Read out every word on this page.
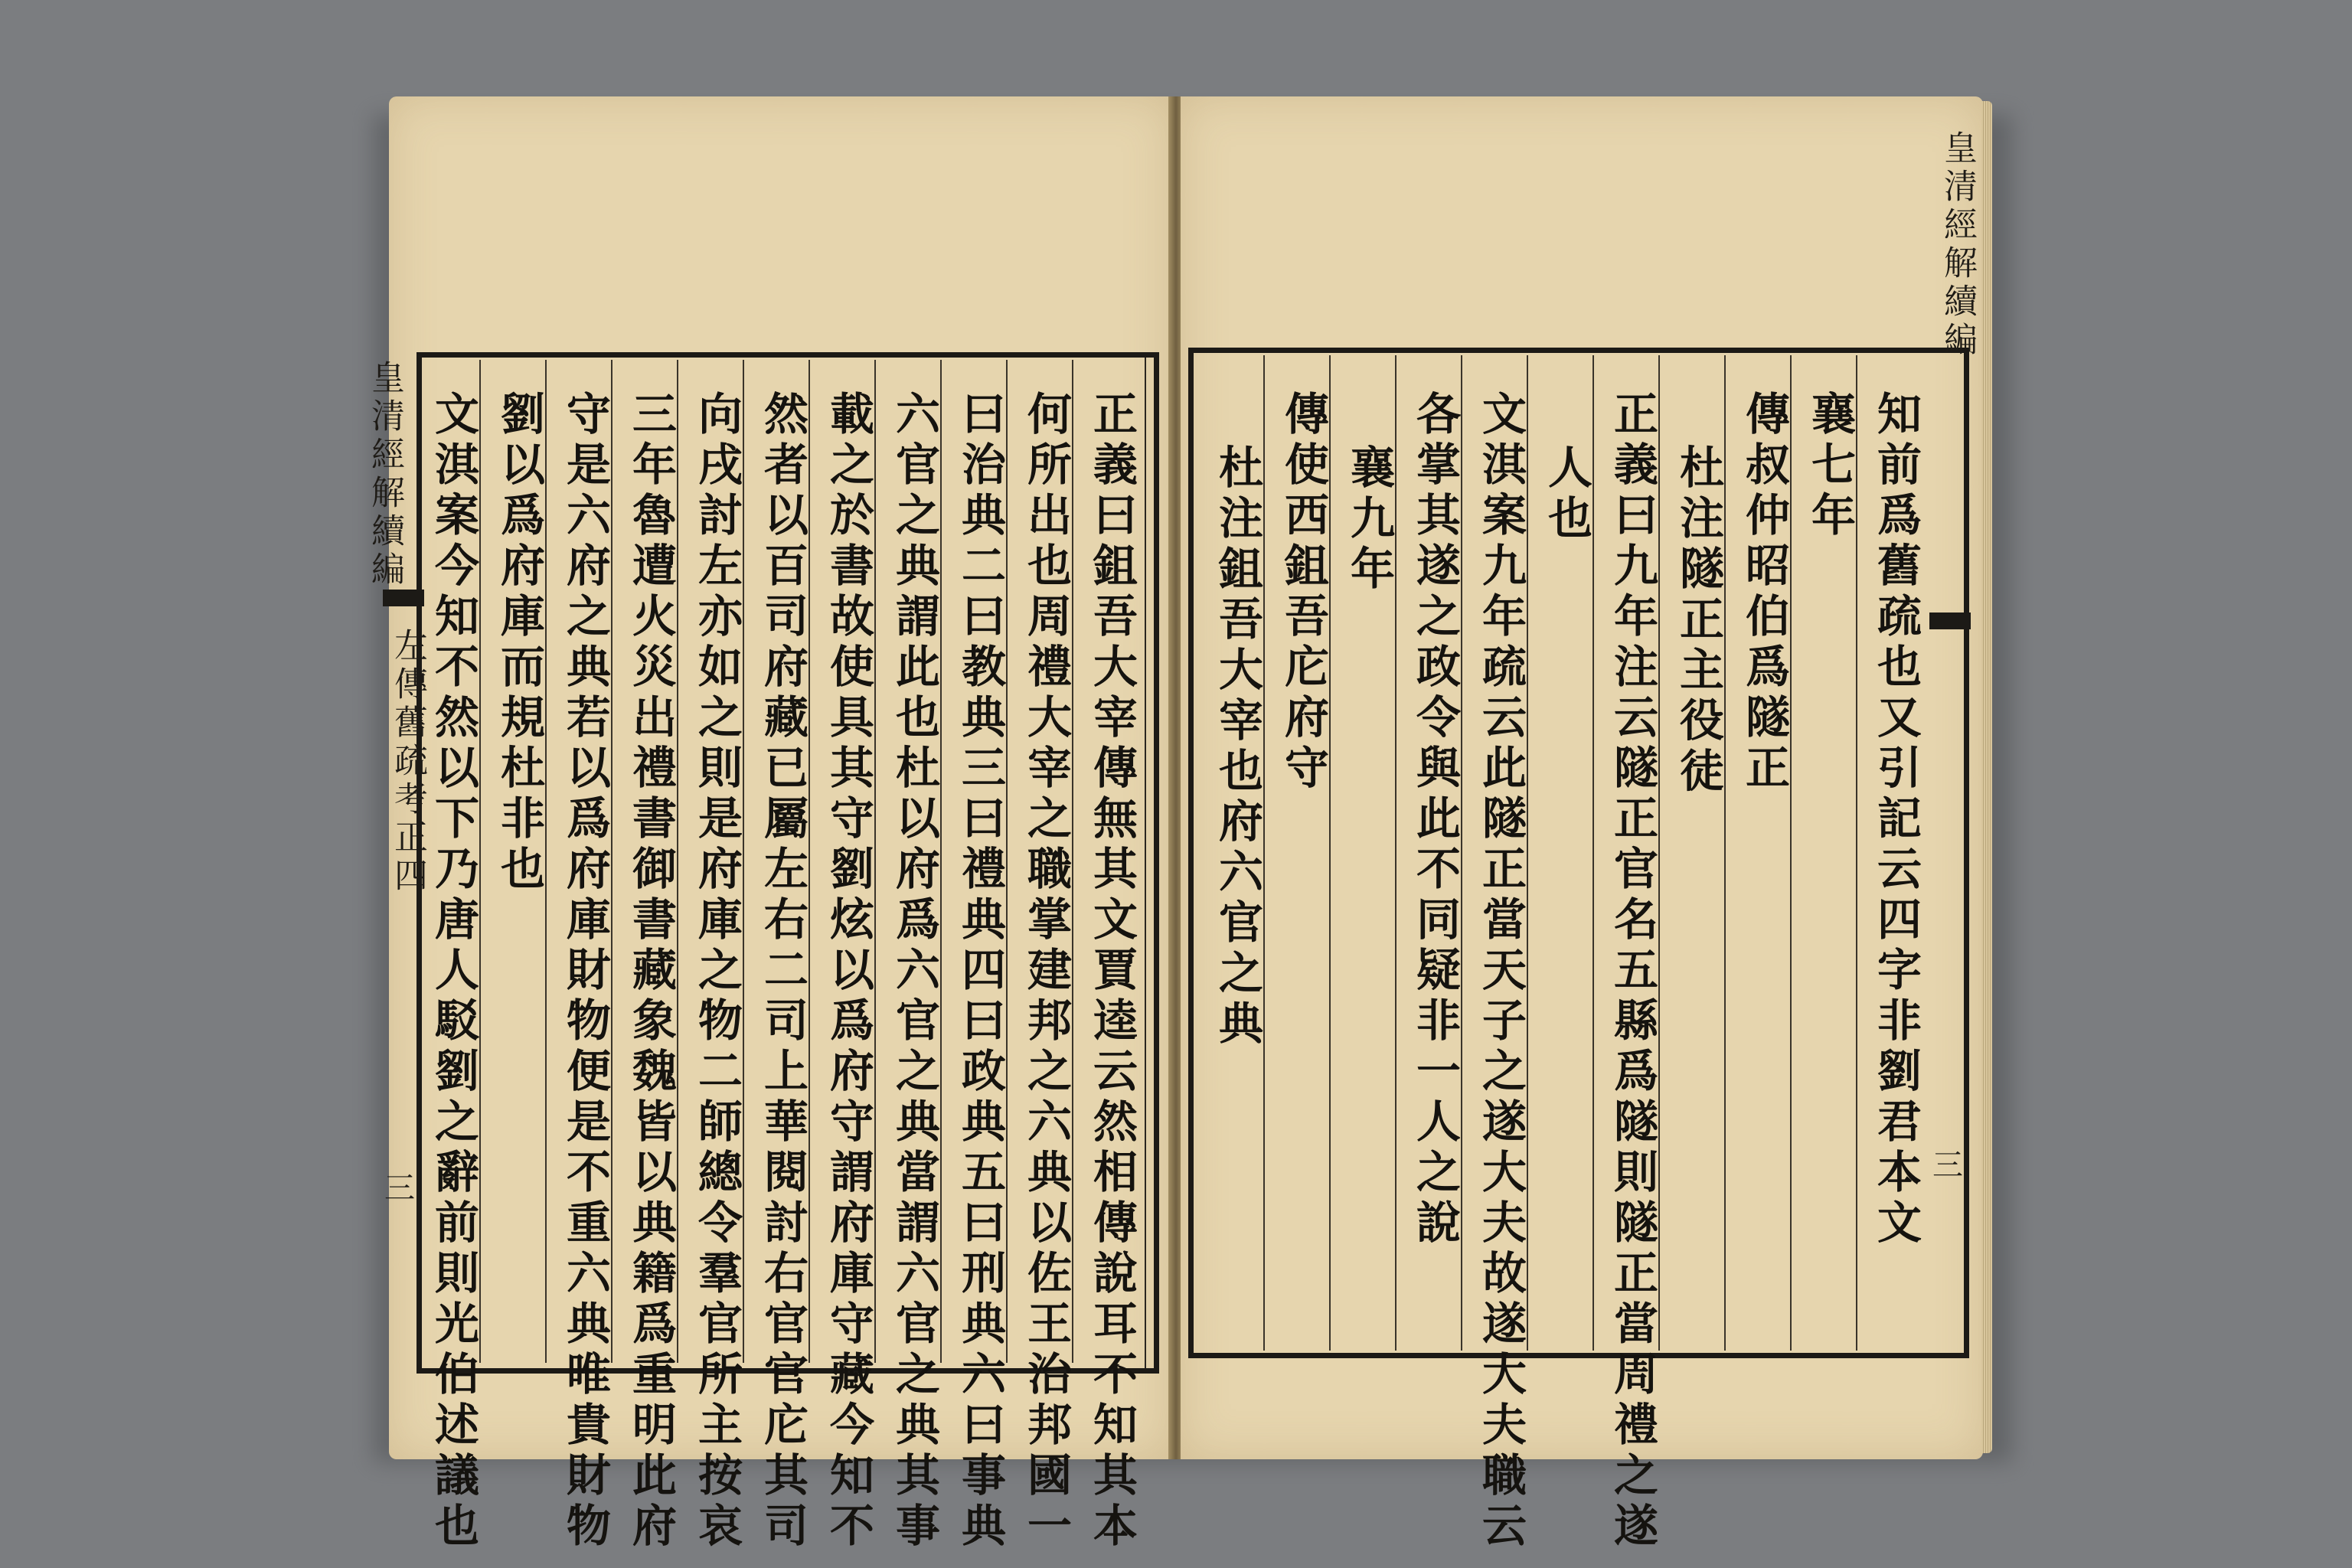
皇清經解續編
左傳舊疏考正四
三	正義曰鉏吾大宰傳無其文賈逵云然相傳說耳不知其本
何所出也周禮大宰之職掌建邦之六典以佐王治邦國一
曰治典二曰教典三曰禮典四曰政典五曰刑典六曰事典
六官之典謂此也杜以府爲六官之典當謂六官之典其事
載之於書故使具其守劉炫以爲府守謂府庫守藏今知不
然者以百司府藏已屬左右二司上華閱討右官官庀其司
向戌討左亦如之則是府庫之物二師總令羣官所主按哀
三年魯遭火災出禮書御書藏象魏皆以典籍爲重明此府
守是六府之典若以爲府庫財物便是不重六典唯貴財物
劉以爲府庫而規杜非也
文淇案今知不然以下乃唐人駁劉之辭前則光伯述議也
皇清經解續編
三
知前爲舊疏也又引記云四字非劉君本文
襄七年
傳叔仲昭伯爲隧正
杜注隧正主役徒
正義曰九年注云隧正官名五縣爲隧則隧正當周禮之遂
人也
文淇案九年疏云此隧正當天子之遂大夫故遂大夫職云
各掌其遂之政令與此不同疑非一人之說
襄九年
傳使西鉏吾庀府守
杜注鉏吾大宰也府六官之典
